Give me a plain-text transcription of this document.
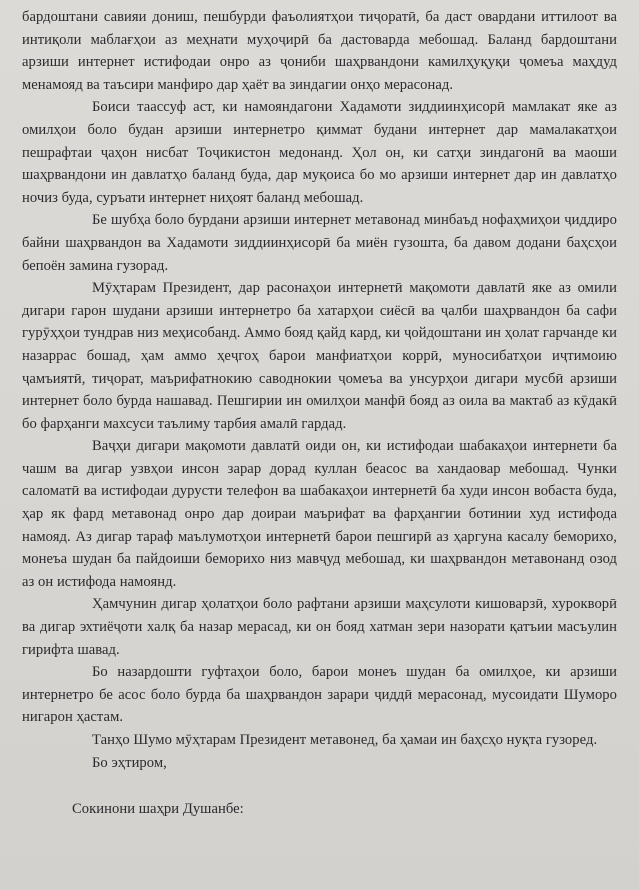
бардоштани савияи дониш, пешбурди фаъолиятҳои тиҷоратӣ, ба даст овардани иттилоот ва интиқоли маблағҳои аз меҳнати муҳоҷирӣ ба дастоварда мебошад. Баланд бардоштани арзиши интернет истифодаи онро аз ҷониби шаҳрвандони камилҳуқуқи ҷомеъа маҳдуд менамояд ва таъсири манфиро дар ҳаёт ва зиндагии онҳо мерасонад.

Боиси таассуф аст, ки намояндагони Хадамоти зиддиинҳисорӣ мамлакат яке аз омилҳои боло будан арзиши интернетро қиммат будани интернет дар мамалакатҳои пешрафтаи ҷаҳон нисбат Тоҷикистон медонанд. Ҳол он, ки сатҳи зиндагонӣ ва маоши шаҳрвандони ин давлатҳо баланд буда, дар муқоиса бо мо арзиши интернет дар ин давлатҳо ночиз буда, суръати интернет ниҳоят баланд мебошад.

Бе шубҳа боло бурдани арзиши интернет метавонад минбаъд нофаҳмиҳои ҷиддиро байни шаҳрвандон ва Хадамоти зиддиинҳисорӣ ба миён гузошта, ба давом додани баҳсҳои бепоён замина гузорад.

Мӯҳтарам Президент, дар расонаҳои интернетӣ мақомоти давлатӣ яке аз омили дигари гарон шудани арзиши интернетро ба хатарҳои сиёсӣ ва ҷалби шаҳрвандон ба сафи гурӯҳҳои тундрав низ меҳисобанд. Аммо бояд қайд кард, ки ҷойдоштани ин ҳолат гарчанде ки назаррас бошад, ҳам аммо ҳеҷгоҳ барои манфиатҳои коррӣ, муносибатҳои иҷтимоию ҷамъиятӣ, тиҷорат, маърифатнокию саводнокии ҷомеъа ва унсурҳои дигари мусбӣ арзиши интернет боло бурда нашавад. Пешгирии ин омилҳои манфӣ бояд аз оила ва мактаб аз кӯдакӣ бо фарҳанги махсуси таълиму тарбия амалӣ гардад.

Ваҷҳи дигари мақомоти давлатӣ оиди он, ки истифодаи шабакаҳои интернети ба чашм ва дигар узвҳои инсон зарар дорад куллан беасос ва хандаовар мебошад. Чунки саломатӣ ва истифодаи дурусти телефон ва шабакаҳои интернетӣ ба худи инсон вобаста буда, ҳар як фард метавонад онро дар доираи маърифат ва фарҳангии ботинии худ истифода намояд. Аз дигар тараф маълумотҳои интернетӣ барои пешгирӣ аз ҳаргуна касалу беморихо, монеъа шудан ба пайдоиши беморихо низ мавҷуд мебошад, ки шаҳрвандон метавонанд озод аз он истифода намоянд.

Ҳамчунин дигар ҳолатҳои боло рафтани арзиши маҳсулоти кишоварзӣ, хурокворӣ ва дигар эхтиёҷоти халқ ба назар мерасад, ки он бояд хатман зери назорати қатъии масъулин гирифта шавад.

Бо назардошти гуфтаҳои боло, барои монеъ шудан ба омилҳое, ки арзиши интернетро бе асос боло бурда ба шаҳрвандон зарари ҷиддӣ мерасонад, мусоидати Шуморо нигарон ҳастам.

Танҳо Шумо мӯҳтарам Президент метавонед, ба ҳамаи ин баҳсҳо нуқта гузоред.

Бо эҳтиром,

Сокинони шаҳри Душанбе:
